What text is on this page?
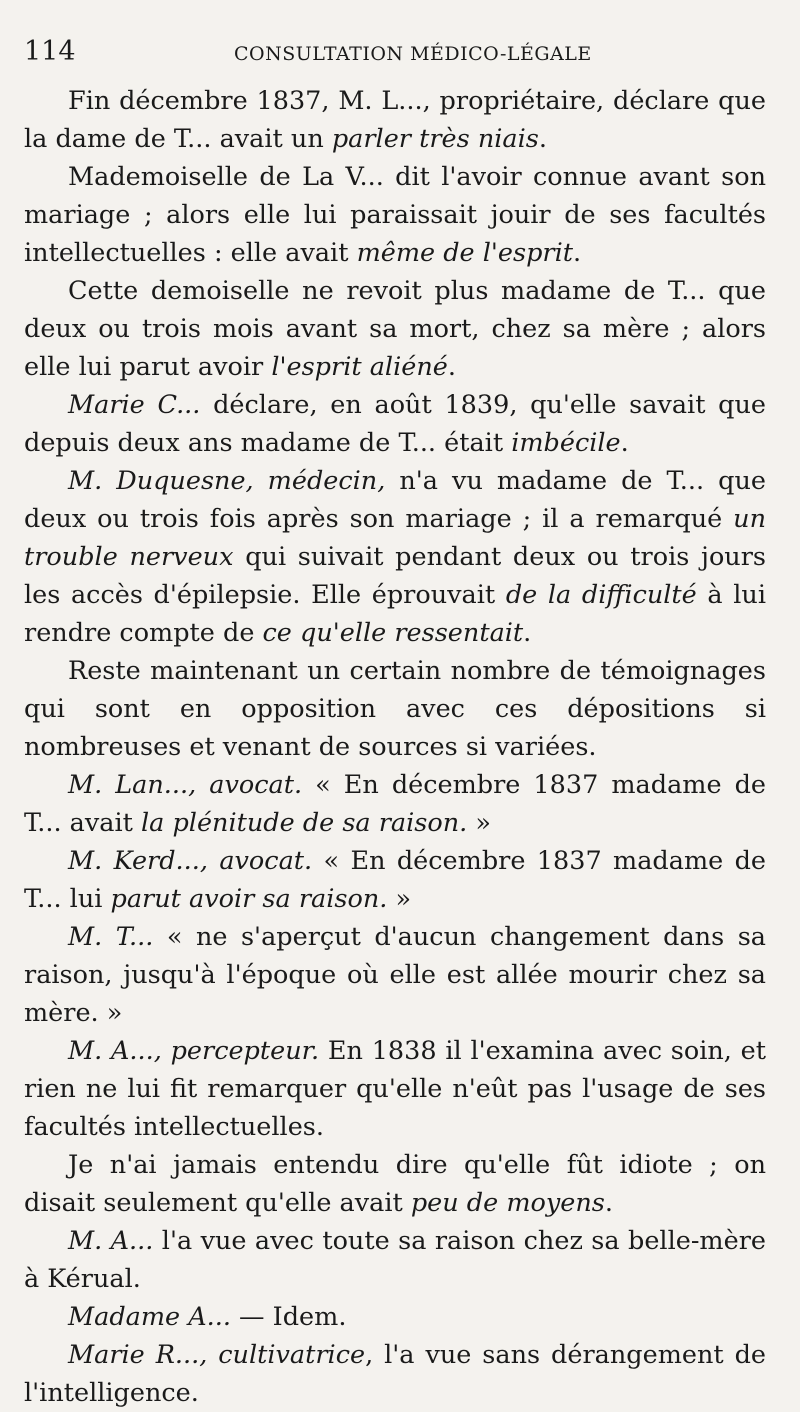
114	CONSULTATION MÉDICO-LÉGALE

Fin décembre 1837, M. L..., propriétaire, déclare que la dame de T... avait un parler très niais.

Mademoiselle de La V... dit l'avoir connue avant son mariage ; alors elle lui paraissait jouir de ses facultés intellectuelles : elle avait même de l'esprit.

Cette demoiselle ne revoit plus madame de T... que deux ou trois mois avant sa mort, chez sa mère ; alors elle lui parut avoir l'esprit aliéné.

Marie C... déclare, en août 1839, qu'elle savait que depuis deux ans madame de T... était imbécile.

M. Duquesne, médecin, n'a vu madame de T... que deux ou trois fois après son mariage ; il a remarqué un trouble nerveux qui suivait pendant deux ou trois jours les accès d'épilepsie. Elle éprouvait de la difficulté à lui rendre compte de ce qu'elle ressentait.

Reste maintenant un certain nombre de témoignages qui sont en opposition avec ces dépositions si nombreuses et venant de sources si variées.

M. Lan..., avocat. « En décembre 1837 madame de T... avait la plénitude de sa raison. »

M. Kerd..., avocat. « En décembre 1837 madame de T... lui parut avoir sa raison. »

M. T... « ne s'aperçut d'aucun changement dans sa raison, jusqu'à l'époque où elle est allée mourir chez sa mère. »

M. A..., percepteur. En 1838 il l'examina avec soin, et rien ne lui fit remarquer qu'elle n'eût pas l'usage de ses facultés intellectuelles.

Je n'ai jamais entendu dire qu'elle fût idiote ; on disait seulement qu'elle avait peu de moyens.

M. A... l'a vue avec toute sa raison chez sa belle-mère à Kérual.

Madame A... — Idem.

Marie R..., cultivatrice, l'a vue sans dérangement de l'intelligence.
